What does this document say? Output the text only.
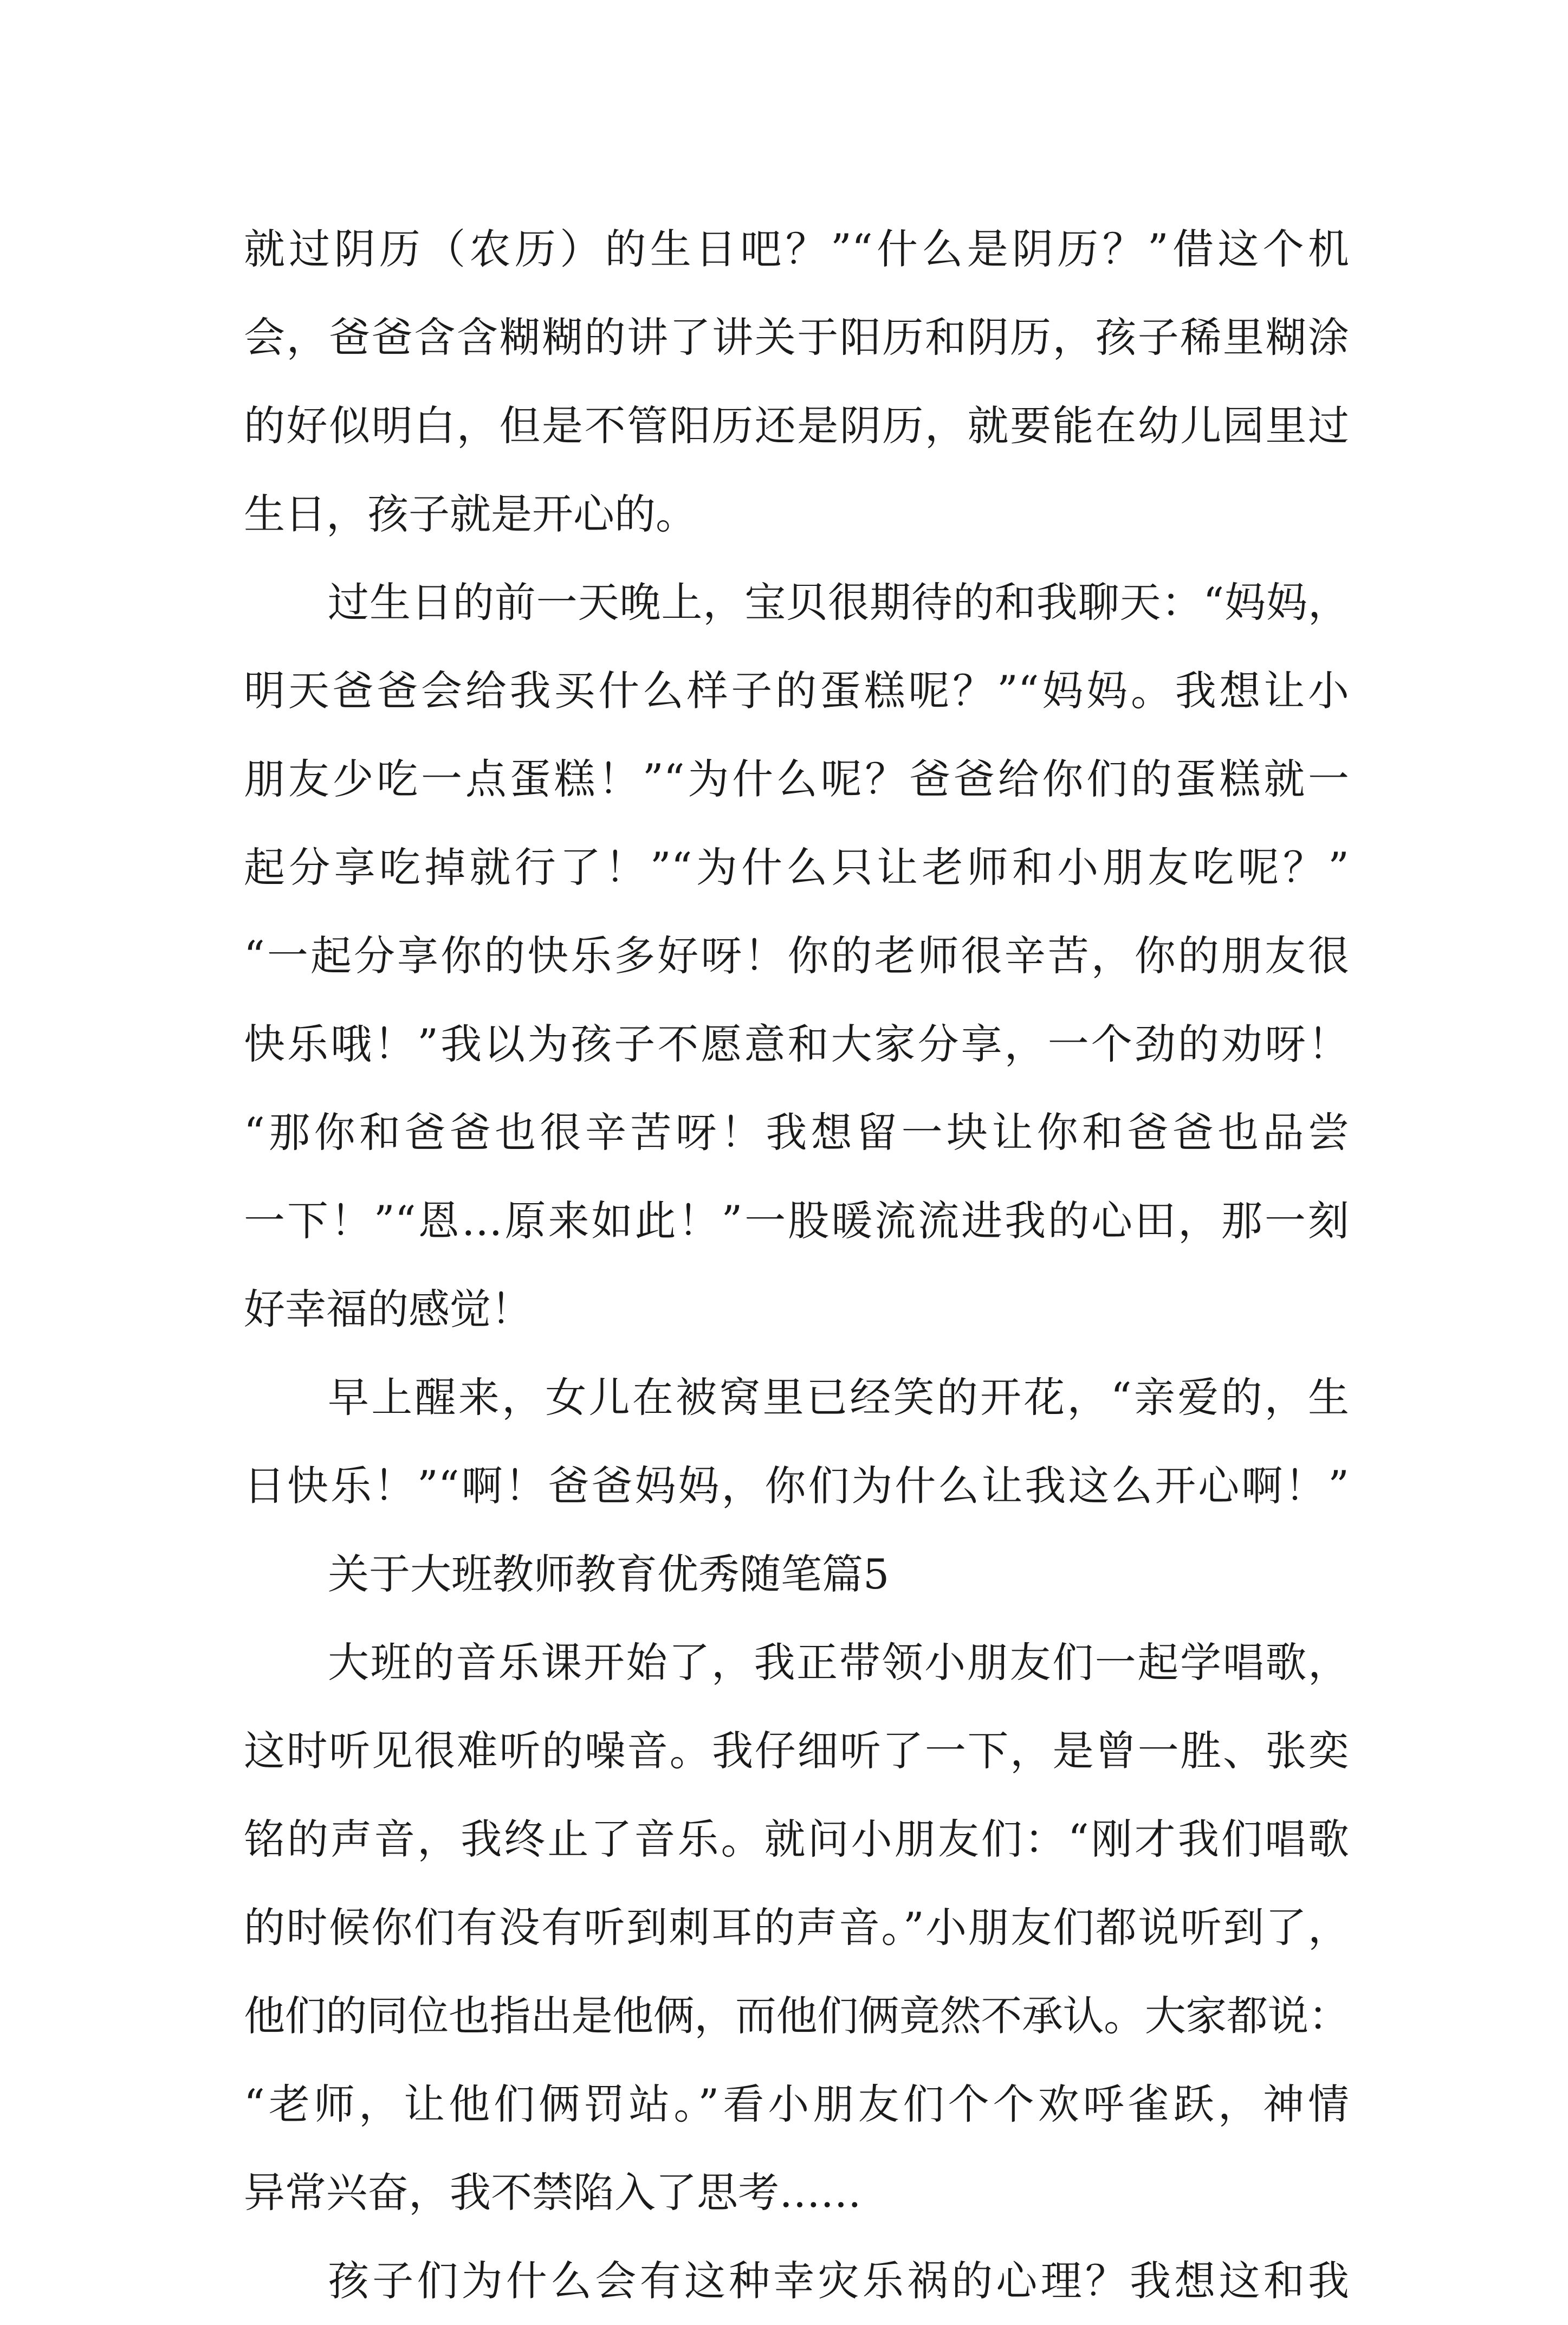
就过阴历（农历）的生日吧？”“什么是阴历？”借这个机
会，爸爸含含糊糊的讲了讲关于阳历和阴历，孩子稀里糊涂
的好似明白，但是不管阳历还是阴历，就要能在幼儿园里过
生日，孩子就是开心的。
过生日的前一天晚上，宝贝很期待的和我聊天：“妈妈，
明天爸爸会给我买什么样子的蛋糕呢？”“妈妈。我想让小
朋友少吃一点蛋糕！”“为什么呢？爸爸给你们的蛋糕就一
起分享吃掉就行了！”“为什么只让老师和小朋友吃呢？”
“一起分享你的快乐多好呀！你的老师很辛苦，你的朋友很
快乐哦！”我以为孩子不愿意和大家分享，一个劲的劝呀！
“那你和爸爸也很辛苦呀！我想留一块让你和爸爸也品尝
一下！”“恩…原来如此！”一股暖流流进我的心田，那一刻
好幸福的感觉！
早上醒来，女儿在被窝里已经笑的开花，“亲爱的，生
日快乐！”“啊！爸爸妈妈，你们为什么让我这么开心啊！”
关于大班教师教育优秀随笔篇5
大班的音乐课开始了，我正带领小朋友们一起学唱歌，
这时听见很难听的噪音。我仔细听了一下，是曾一胜、张奕
铭的声音，我终止了音乐。就问小朋友们：“刚才我们唱歌
的时候你们有没有听到刺耳的声音。”小朋友们都说听到了，
他们的同位也指出是他俩，而他们俩竟然不承认。大家都说：
“老师，让他们俩罚站。”看小朋友们个个欢呼雀跃，神情
异常兴奋，我不禁陷入了思考……
孩子们为什么会有这种幸灾乐祸的心理？我想这和我
